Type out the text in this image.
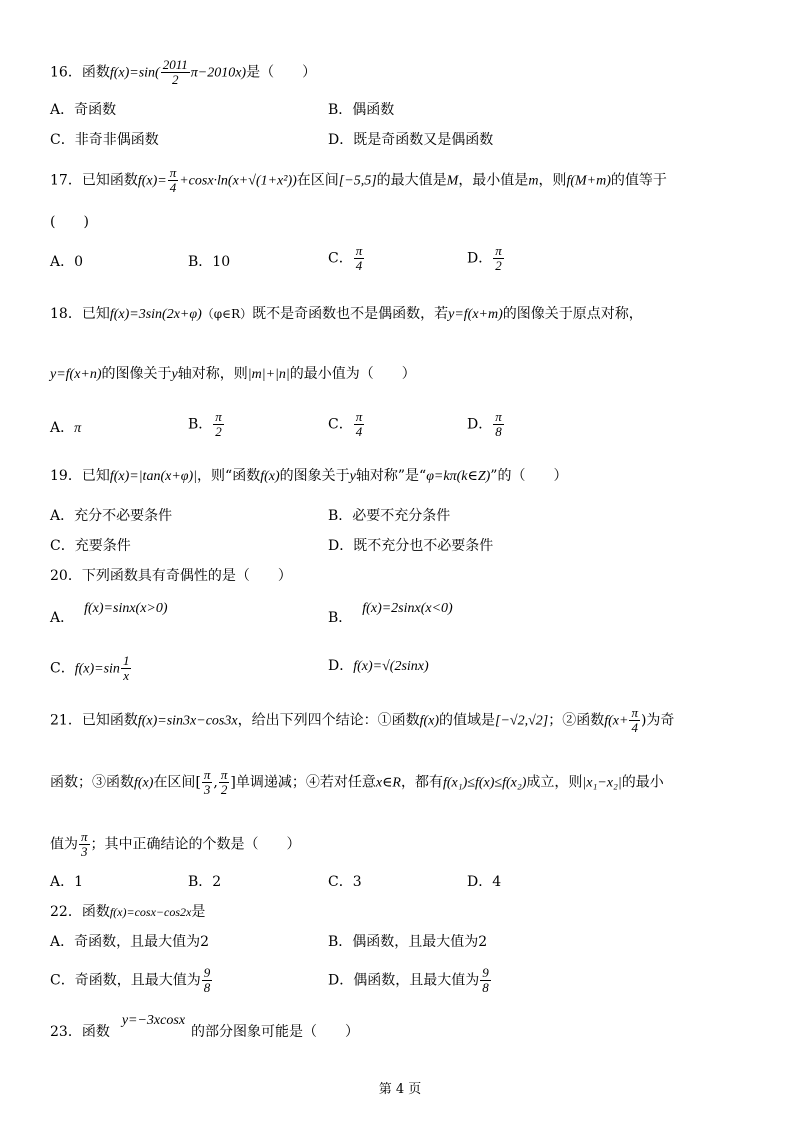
16．函数$f(x)=\sin( \frac{2011}{2} \pi-2010x)$是（　　）
A．奇函数	B．偶函数
C．非奇非偶函数	D．既是奇函数又是偶函数
17．已知函数$f(x)= \frac{\pi}{4} +\cos x\cdot\ln(x+√(1+x^2))$在区间[−5,5]的最大值是M，最小值是m，则f(M+m)的值等于
(　　)
A．0	B．10	C． $\frac{\pi}{4}$	D． $\frac{\pi}{2}$
18．已知f(x)=3sin(2x+φ)（φ∈R）既不是奇函数也不是偶函数，若y=f(x+m)的图像关于原点对称，
y=f(x+n)的图像关于y轴对称，则|m|+|n|的最小值为（　　）
A．π	B． $\frac{\pi}{2}$	C． $\frac{\pi}{4}$	D． $\frac{\pi}{8}$
19．已知f(x)=|tan(x+φ)|，则“函数f(x)的图象关于y轴对称”是“φ=kπ(k∈Z)”的（　　）
A．充分不必要条件	B．必要不充分条件
C．充要条件	D．既不充分也不必要条件
20．下列函数具有奇偶性的是（　　）
A．f(x)=sinx(x>0)
B．f(x)=2sinx(x<0)
C．$f(x)=\sin \frac{1}{x}$	D．f(x)=√(2sinx)
21．已知函数f(x)=sin3x−cos3x，给出下列四个结论：①函数f(x)的值域是[−√2,√2]；②函数$f(x+ \frac{\pi}{4}$ )为奇
函数；③函数f(x)在区间[ $\frac{\pi}{3}$ , $\frac{\pi}{2}$ ]单调递减；④若对任意x∈R，都有f(x₁)≤f(x)≤f(x₂)成立，则|x₁−x₂|的最小
值为 $\frac{\pi}{3}$ ；其中正确结论的个数是（　　）
A．1	B．2	C．3	D．4
22．函数f(x)=cosx−cos2x是
A．奇函数，且最大值为2	B．偶函数，且最大值为2
C．奇函数，且最大值为 $\frac{9}{8}$	D．偶函数，且最大值为 $\frac{9}{8}$
23．函数y=−3xcosx的部分图象可能是（　　）
第 4 页
